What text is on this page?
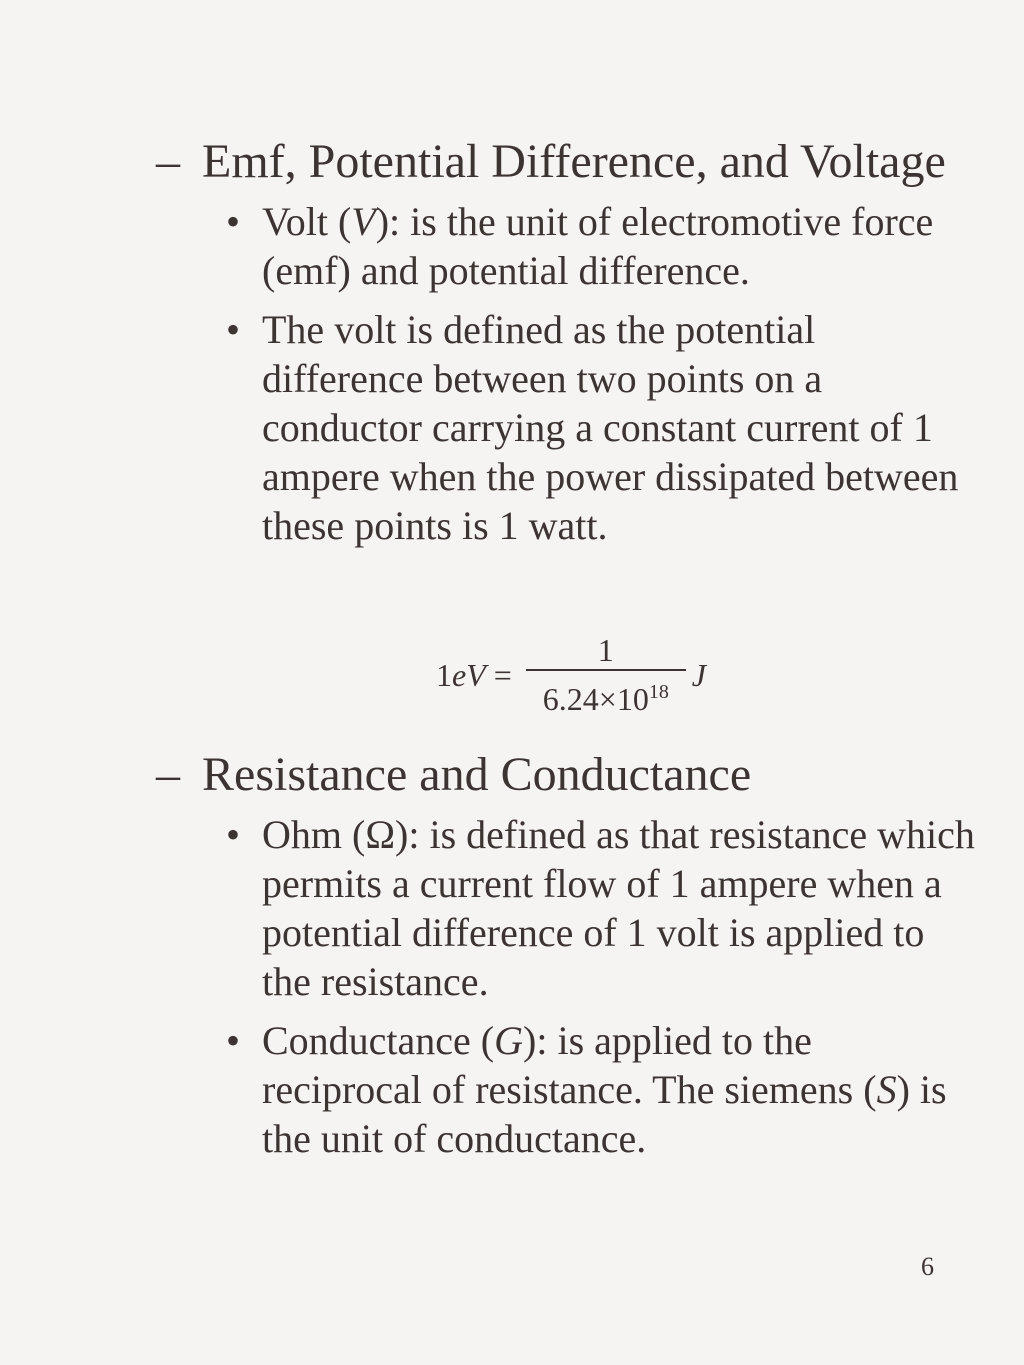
– Emf, Potential Difference, and Voltage
• Volt (V): is the unit of electromotive force (emf) and potential difference.
• The volt is defined as the potential difference between two points on a conductor carrying a constant current of 1 ampere when the power dissipated between these points is 1 watt.
1 eV = $\frac{1}{6.24\times 10^{18}}$ J
– Resistance and Conductance
• Ohm (Ω): is defined as that resistance which permits a current flow of 1 ampere when a potential difference of 1 volt is applied to the resistance.
• Conductance (G): is applied to the reciprocal of resistance. The siemens (S) is the unit of conductance.
6
